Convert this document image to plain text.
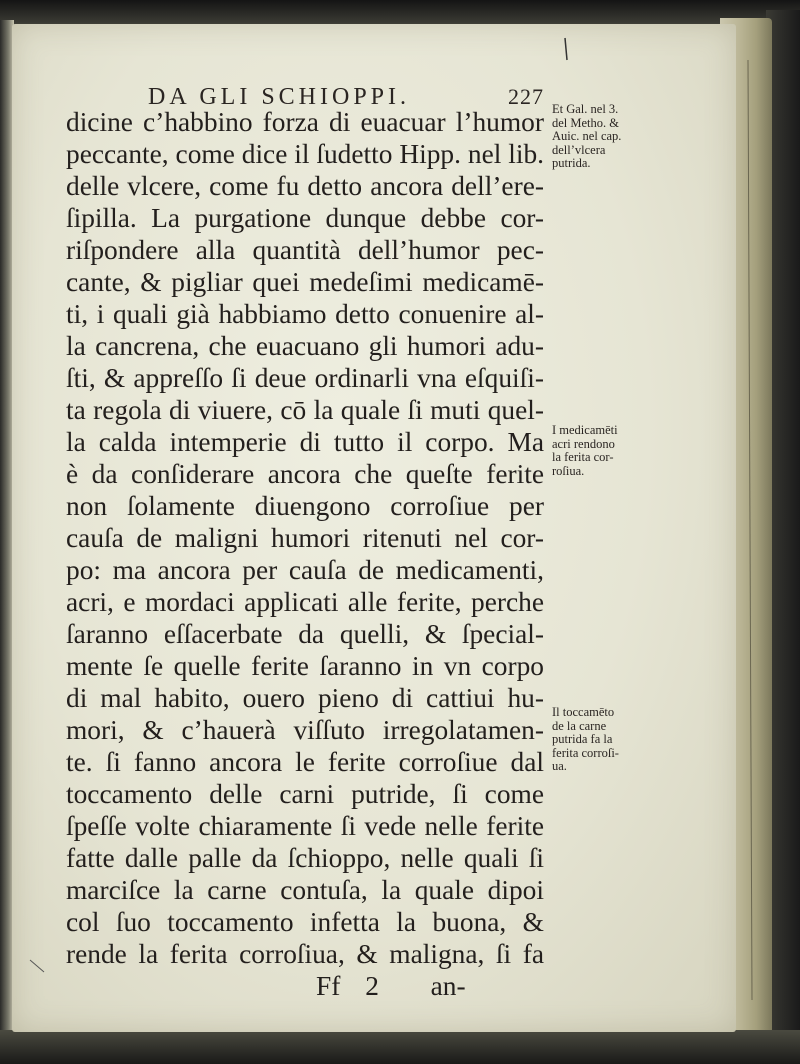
DA GLI SCHIOPPI.	227
dicine c’habbino forza di euacuar l’humor
peccante, come dice il ſudetto Hipp. nel lib.
delle vlcere, come fu detto ancora dell’ere-
ſipilla. La purgatione dunque debbe cor-
riſpondere alla quantità dell’humor pec-
cante, & pigliar quei medeſimi medicamē-
ti, i quali già habbiamo detto conuenire al-
la cancrena, che euacuano gli humori adu-
ſti, & appreſſo ſi deue ordinarli vna eſquiſi-
ta regola di viuere, cō la quale ſi muti quel-
la calda intemperie di tutto il corpo. Ma
è da conſiderare ancora che queſte ferite
non ſolamente diuengono corroſiue per
cauſa de maligni humori ritenuti nel cor-
po: ma ancora per cauſa de medicamenti,
acri, e mordaci applicati alle ferite, perche
ſaranno eſſacerbate da quelli, & ſpecial-
mente ſe quelle ferite ſaranno in vn corpo
di mal habito, ouero pieno di cattiui hu-
mori, & c’hauerà viſſuto irregolatamen-
te. ſi fanno ancora le ferite corroſiue dal
toccamento delle carni putride, ſi come
ſpeſſe volte chiaramente ſi vede nelle ferite
fatte dalle palle da ſchioppo, nelle quali ſi
marciſce la carne contuſa, la quale dipoi
col ſuo toccamento infetta la buona, &
rende la ferita corroſiua, & maligna, ſi fa
Ff 2 an-
Et Gal. nel 3.
del Metho. &
Auic. nel cap.
dell’vlcera
putrida.
I medicamēti
acri rendono
la ferita cor-
roſiua.
Il toccamēto
de la carne
putrida fa la
ferita corroſi-
ua.
